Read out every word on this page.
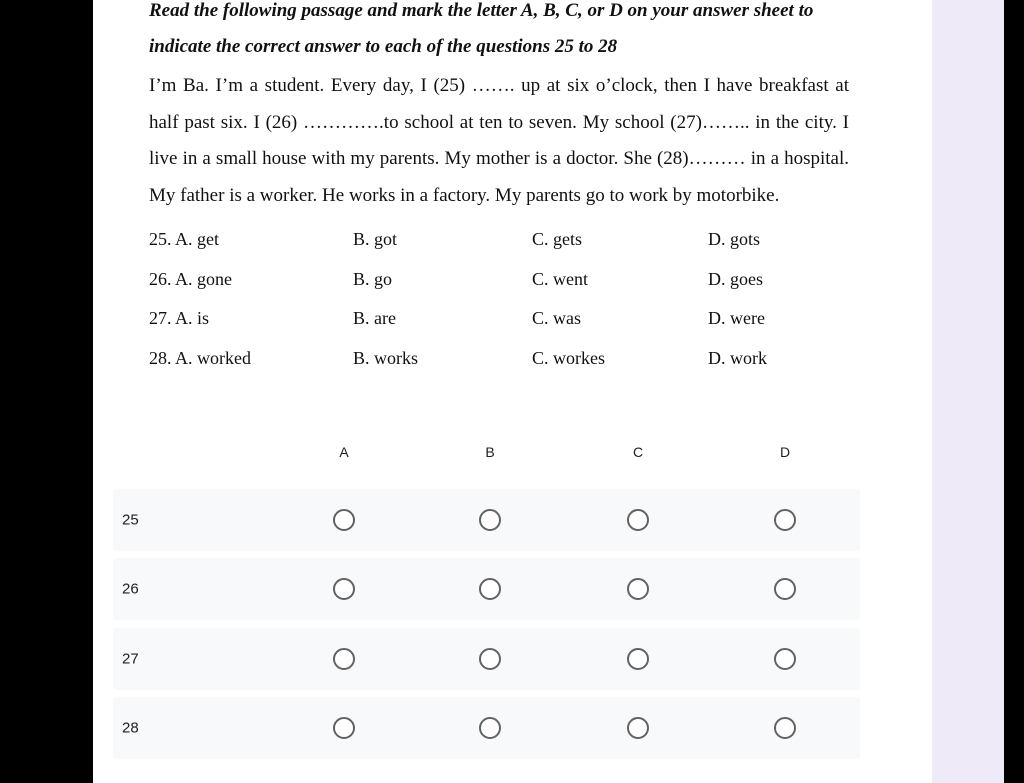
Read the following passage and mark the letter A, B, C, or D on your answer sheet to indicate the correct answer to each of the questions 25 to 28
I’m Ba. I’m a student. Every day, I (25) ……. up at six o’clock, then I have breakfast at half past six. I (26) ………….to school at ten to seven. My school (27)…….. in the city. I live in a small house with my parents. My mother is a doctor. She (28)……… in a hospital. My father is a worker. He works in a factory. My parents go to work by motorbike.
25. A. get	B. got	C. gets	D. gots
26. A. gone	B. go	C. went	D. goes
27. A. is	B. are	C. was	D. were
28. A. worked	B. works	C. workes	D. work
A	B	C	D
25
26
27
28
